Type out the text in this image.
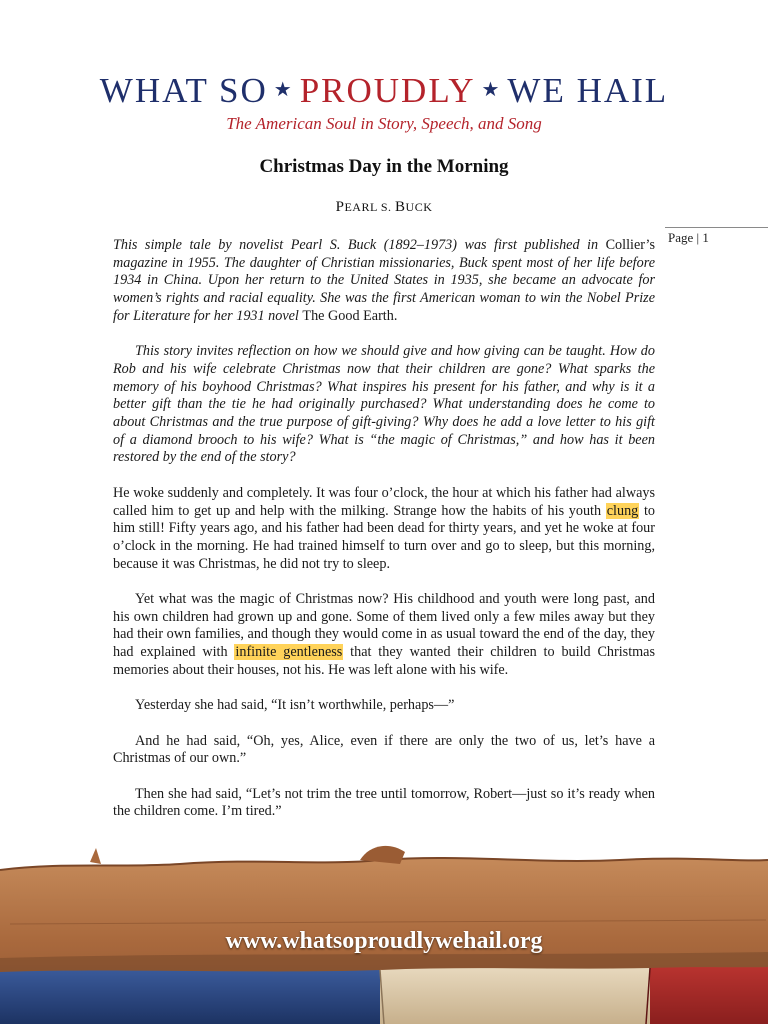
WHAT SO ★ PROUDLY ★ WE HAIL
The American Soul in Story, Speech, and Song
Christmas Day in the Morning
PEARL S. BUCK
Page | 1

This simple tale by novelist Pearl S. Buck (1892–1973) was first published in Collier’s magazine in 1955. The daughter of Christian missionaries, Buck spent most of her life before 1934 in China. Upon her return to the United States in 1935, she became an advocate for women’s rights and racial equality. She was the first American woman to win the Nobel Prize for Literature for her 1931 novel The Good Earth.

This story invites reflection on how we should give and how giving can be taught. How do Rob and his wife celebrate Christmas now that their children are gone? What sparks the memory of his boyhood Christmas? What inspires his present for his father, and why is it a better gift than the tie he had originally purchased? What understanding does he come to about Christmas and the true purpose of gift-giving? Why does he add a love letter to his gift of a diamond brooch to his wife? What is “the magic of Christmas,” and how has it been restored by the end of the story?

He woke suddenly and completely. It was four o’clock, the hour at which his father had always called him to get up and help with the milking. Strange how the habits of his youth clung to him still! Fifty years ago, and his father had been dead for thirty years, and yet he woke at four o’clock in the morning. He had trained himself to turn over and go to sleep, but this morning, because it was Christmas, he did not try to sleep.

Yet what was the magic of Christmas now? His childhood and youth were long past, and his own children had grown up and gone. Some of them lived only a few miles away but they had their own families, and though they would come in as usual toward the end of the day, they had explained with infinite gentleness that they wanted their children to build Christmas memories about their houses, not his. He was left alone with his wife.

Yesterday she had said, “It isn’t worthwhile, perhaps—”

And he had said, “Oh, yes, Alice, even if there are only the two of us, let’s have a Christmas of our own.”

Then she had said, “Let’s not trim the tree until tomorrow, Robert—just so it’s ready when the children come. I’m tired.”

www.whatsoproudlywehail.org
